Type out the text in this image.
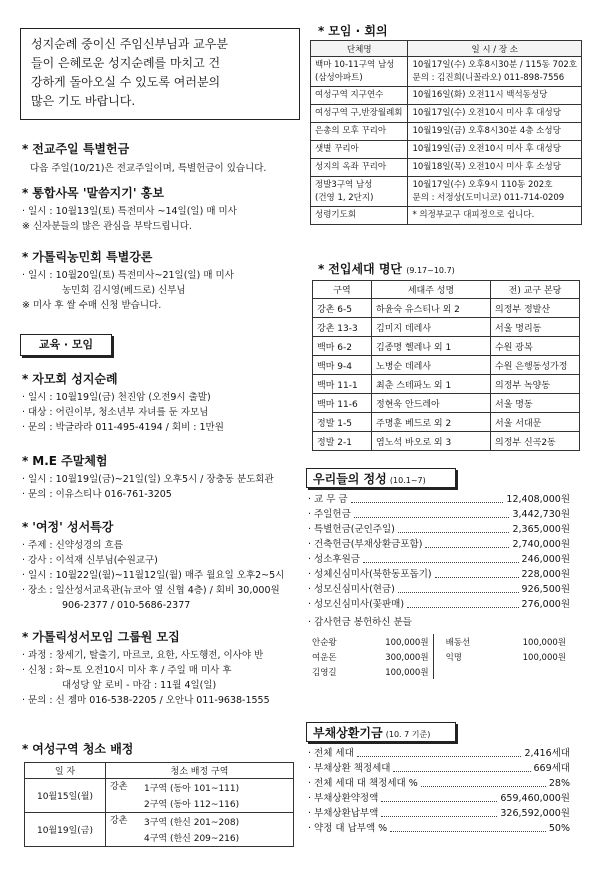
성지순례 중이신 주임신부님과 교우분
들이 은혜로운 성지순례를 마치고 건
강하게 돌아오실 수 있도록 여러분의
많은 기도 바랍니다.
* 전교주일 특별헌금
다음 주일(10/21)은 전교주일이며, 특별헌금이 있습니다.
* 통합사목 '말씀지기' 홍보
· 일시 : 10월13일(토) 특전미사 ~14일(일) 매 미사
※ 신자분들의 많은 관심을 부탁드립니다.
* 가톨릭농민회 특별강론
· 일시 : 10월20일(토) 특전미사~21일(일) 매 미사
농민회 김시영(베드로) 신부님
※ 미사 후 쌀 수매 신청 받습니다.
교육 · 모임
* 자모회 성지순례
· 일시 : 10월19일(금) 천진암 (오전9시 출발)
· 대상 : 어린이부, 청소년부 자녀를 둔 자모님
· 문의 : 박글라라 011-495-4194 / 회비 : 1만원
* M.E 주말체험
· 일시 : 10월19일(금)~21일(일) 오후5시 / 장충동 분도회관
· 문의 : 이유스티나 016-761-3205
* '여정' 성서특강
· 주제 : 신약성경의 흐름
· 강사 : 이석재 신부님(수원교구)
· 일시 : 10월22일(월)~11월12일(월) 매주 월요일 오후2~5시
· 장소 : 일산성서교육관(뉴코아 옆 신협 4층) / 회비 30,000원
906-2377 / 010-5686-2377
* 가톨릭성서모임 그룹원 모집
· 과정 : 창세기, 탈출기, 마르코, 요한, 사도행전, 이사야 반
· 신청 : 화~토 오전10시 미사 후 / 주일 매 미사 후
대성당 앞 로비 - 마감 : 11월 4일(일)
· 문의 : 신 젬마 016-538-2205 / 오안나 011-9638-1555
* 여성구역 청소 배정
일 자	청소 배정 구역	
10월15일(월)	강촌	1구역 (동아 101~111)
		2구역 (동아 112~116)
10월19일(금)	강촌	3구역 (한신 201~208)
		4구역 (한신 209~216)
* 모임 · 회의
단체명	일 시 / 장 소
백마 10-11구역 남성
(삼성아파트)	10월17일(수) 오후8시30분 / 115동 702호
문의 : 김진희(니꼴라오) 011-898-7556
여성구역 지구연수	10월16일(화) 오전11시 백석동성당
여성구역 구,반장월례회	10월17일(수) 오전10시 미사 후 대성당
은총의 모후 꾸리아	10월19일(금) 오후8시30분 4층 소성당
샛별 꾸리아	10월19일(금) 오전10시 미사 후 대성당
성지의 옥좌 꾸리아	10월18일(목) 오전10시 미사 후 소성당
정발3구역 남성
(건영 1, 2단지)	10월17일(수) 오후9시 110동 202호
문의 : 서정상(도미니코) 011-714-0209
성령기도회	* 의정부교구 대피정으로 쉽니다.
* 전입세대 명단 (9.17~10.7)
구역	세대주 성명	전) 교구 본당
강촌 6-5	하윤숙 유스티나 외 2	의정부 정발산
강촌 13-3	김미지 데레사	서울 명리동
백마 6-2	김종명 헬레나 외 1	수원 광복
백마 9-4	노병순 데레사	수원 은행동성가정
백마 11-1	최춘 스테파노 외 1	의정부 녹양동
백마 11-6	정현욱 안드레아	서울 명동
정발 1-5	주명훈 베드로 외 2	서울 서대문
정발 2-1	염노석 바오로 외 3	의정부 신곡2동
우리들의 정성 (10.1~7)
· 교 무 금	12,408,000원
· 주일헌금	3,442,730원
· 특별헌금(군인주일)	2,365,000원
· 건축헌금(부채상환금포함)	2,740,000원
· 성소후원금	246,000원
· 성체신심미사(북한동포돕기)	228,000원
· 성모신심미사(현금)	926,500원
· 성모신심미사(꽃판매)	276,000원
· 감사헌금 봉헌하신 분들
안순왕	100,000원	배동선	100,000원
여운돈	300,000원	익명	100,000원
김영길	100,000원		
부채상환기금 (10. 7 기준)
· 전체 세대	2,416세대
· 부채상환 책정세대	669세대
· 전체 세대 대 책정세대 %	28%
· 부채상환약정액	659,460,000원
· 부채상환납부액	326,592,000원
· 약정 대 납부액 %	50%
